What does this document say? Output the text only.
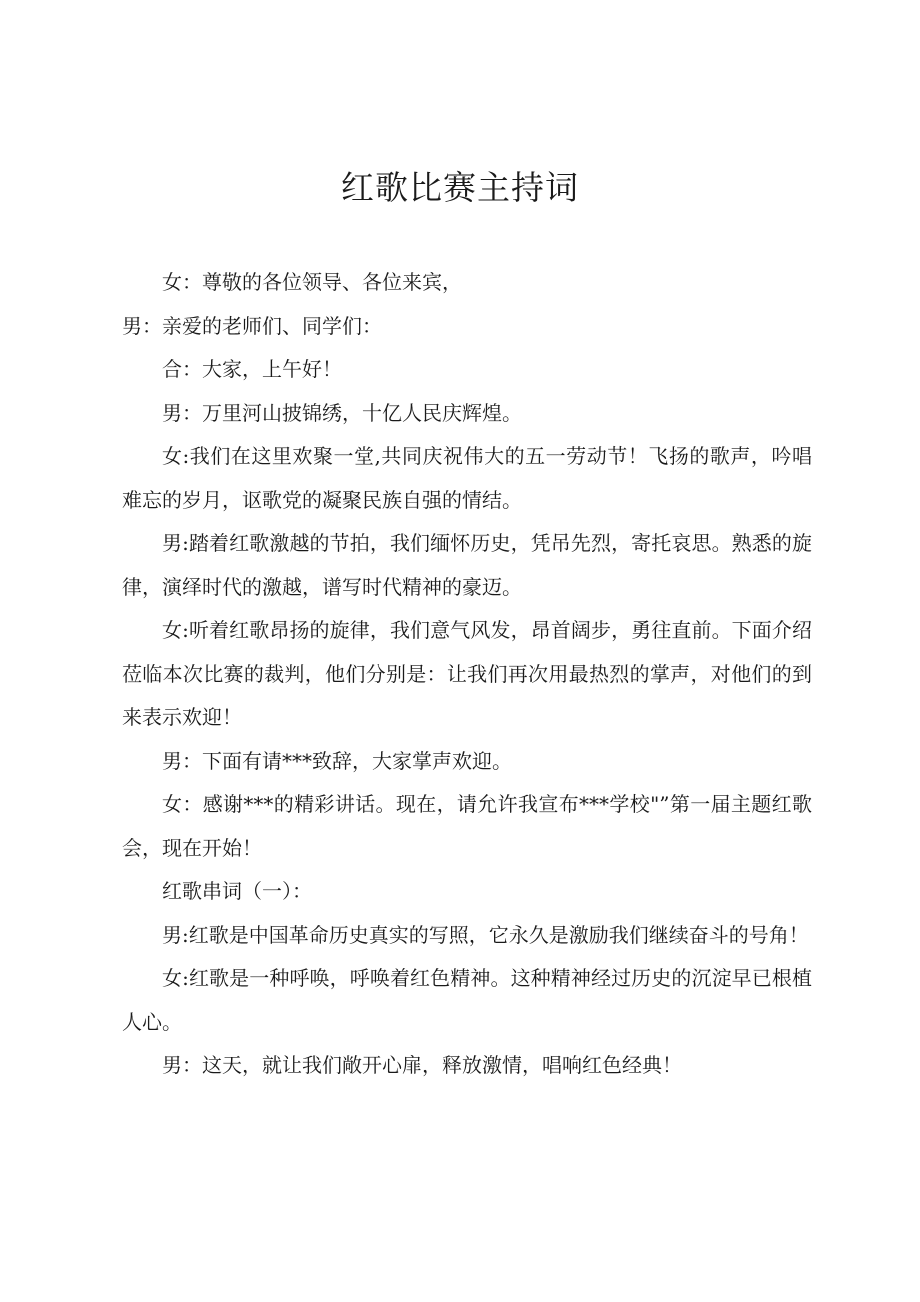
红歌比赛主持词

女：尊敬的各位领导、各位来宾，

男：亲爱的老师们、同学们：

合：大家，上午好！

男：万里河山披锦绣，十亿人民庆辉煌。

女:我们在这里欢聚一堂,共同庆祝伟大的五一劳动节！飞扬的歌声，吟唱难忘的岁月，讴歌党的凝聚民族自强的情结。

男:踏着红歌激越的节拍，我们缅怀历史，凭吊先烈，寄托哀思。熟悉的旋律，演绎时代的激越，谱写时代精神的豪迈。

女:听着红歌昂扬的旋律，我们意气风发，昂首阔步，勇往直前。下面介绍莅临本次比赛的裁判，他们分别是：让我们再次用最热烈的掌声，对他们的到来表示欢迎！

男：下面有请***致辞，大家掌声欢迎。

女：感谢***的精彩讲话。现在，请允许我宣布***学校"”第一届主题红歌会，现在开始！

红歌串词（一）：

男:红歌是中国革命历史真实的写照，它永久是激励我们继续奋斗的号角！

女:红歌是一种呼唤，呼唤着红色精神。这种精神经过历史的沉淀早已根植人心。

男：这天，就让我们敞开心扉，释放激情，唱响红色经典！
